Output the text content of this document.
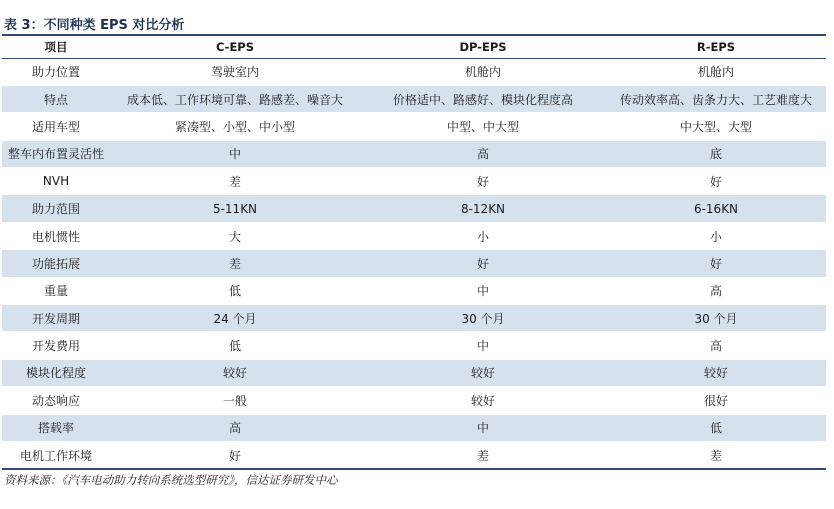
表 3：不同种类 EPS 对比分析
项目	C-EPS	DP-EPS	R-EPS
助力位置	驾驶室内	机舱内	机舱内
特点	成本低、工作环境可靠、路感差、噪音大	价格适中、路感好、模块化程度高	传动效率高、齿条力大、工艺难度大
适用车型	紧凑型、小型、中小型	中型、中大型	中大型、大型
整车内布置灵活性	中	高	底
NVH	差	好	好
助力范围	5-11KN	8-12KN	6-16KN
电机惯性	大	小	小
功能拓展	差	好	好
重量	低	中	高
开发周期	24 个月	30 个月	30 个月
开发费用	低	中	高
模块化程度	较好	较好	较好
动态响应	一般	较好	很好
搭载率	高	中	低
电机工作环境	好	差	差
资料来源：《汽车电动助力转向系统选型研究》，信达证券研发中心
